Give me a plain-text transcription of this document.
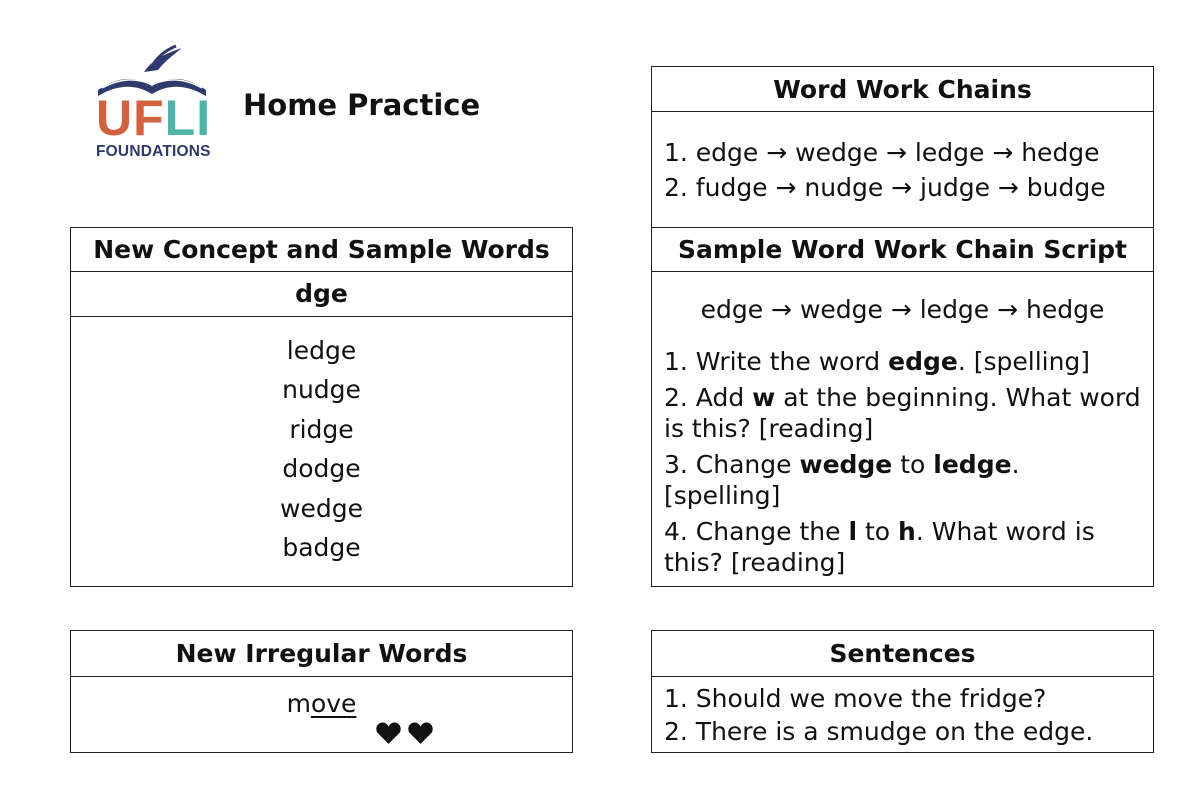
UFLI
FOUNDATIONS
Home Practice
New Concept and Sample Words
dge
ledge
nudge
ridge
dodge
wedge
badge
New Irregular Words
move

Word Work Chains
1. edge → wedge → ledge → hedge
2. fudge → nudge → judge → budge
Sample Word Work Chain Script
edge → wedge → ledge → hedge
1. Write the word edge. [spelling]
2. Add w at the beginning. What word is this? [reading]
3. Change wedge to ledge. [spelling]
4. Change the l to h. What word is this? [reading]
Sentences
1. Should we move the fridge?
2. There is a smudge on the edge.
